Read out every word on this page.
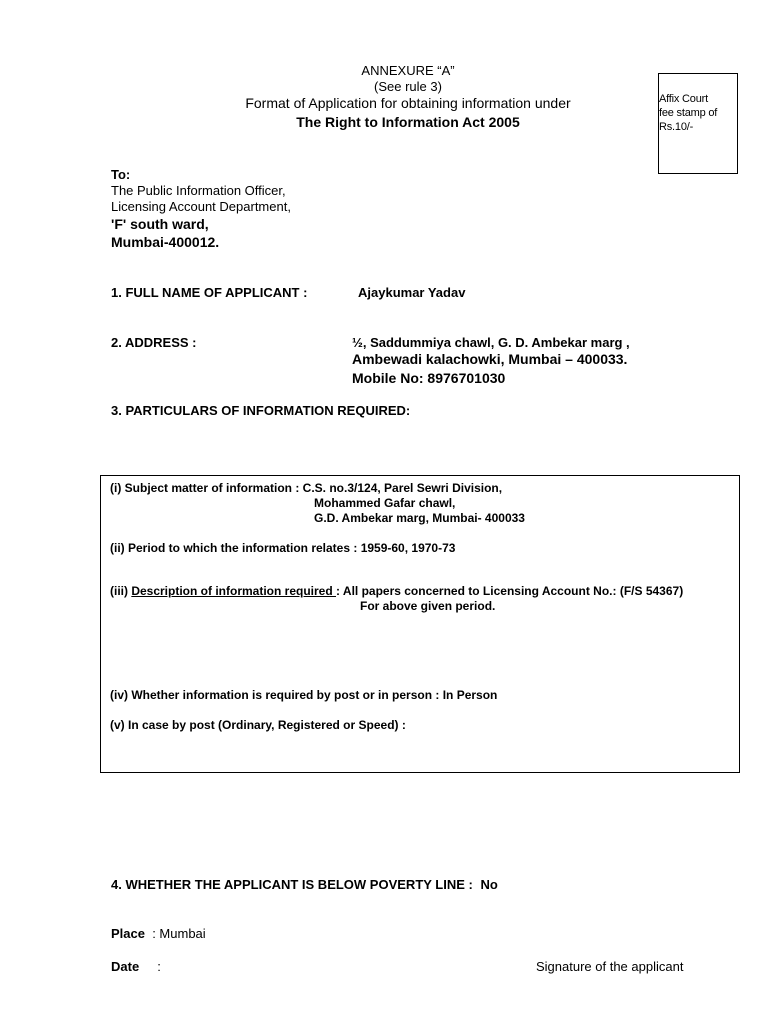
ANNEXURE “A”
(See rule 3)
Format of Application for obtaining information under
The Right to Information Act 2005
Affix Court
fee stamp of
Rs.10/-
To:
The Public Information Officer,
Licensing Account Department,
'F' south ward,
Mumbai-400012.
1. FULL NAME OF APPLICANT :	Ajaykumar Yadav
2. ADDRESS :	½, Saddummiya chawl, G. D. Ambekar marg ,
Ambewadi kalachowki, Mumbai – 400033.
Mobile No: 8976701030
3. PARTICULARS OF INFORMATION REQUIRED:
(i) Subject matter of information : C.S. no.3/124, Parel Sewri Division,
Mohammed Gafar chawl,
G.D. Ambekar marg, Mumbai- 400033
(ii) Period to which the information relates : 1959-60, 1970-73
(iii) Description of information required : All papers concerned to Licensing Account No.: (F/S 54367)
For above given period.
(iv) Whether information is required by post or in person : In Person
(v) In case by post (Ordinary, Registered or Speed) :
4. WHETHER THE APPLICANT IS BELOW POVERTY LINE : No
Place  : Mumbai
Date     :	Signature of the applicant
